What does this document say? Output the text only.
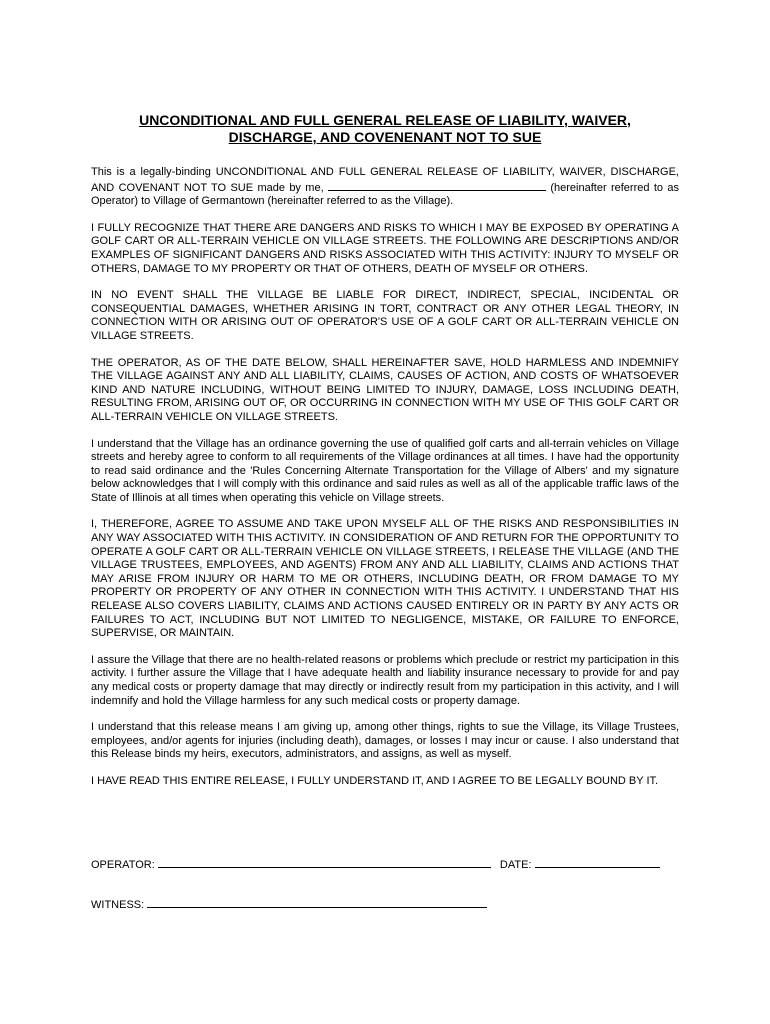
UNCONDITIONAL AND FULL GENERAL RELEASE OF LIABILITY, WAIVER,
DISCHARGE, AND COVENENANT NOT TO SUE

This is a legally-binding UNCONDITIONAL AND FULL GENERAL RELEASE OF LIABILITY, WAIVER, DISCHARGE, AND COVENANT NOT TO SUE made by me,	(hereinafter referred to as Operator) to Village of Germantown (hereinafter referred to as the Village).

I FULLY RECOGNIZE THAT THERE ARE DANGERS AND RISKS TO WHICH I MAY BE EXPOSED BY OPERATING A GOLF CART OR ALL-TERRAIN VEHICLE ON VILLAGE STREETS. THE FOLLOWING ARE DESCRIPTIONS AND/OR EXAMPLES OF SIGNIFICANT DANGERS AND RISKS ASSOCIATED WITH THIS ACTIVITY: INJURY TO MYSELF OR OTHERS, DAMAGE TO MY PROPERTY OR THAT OF OTHERS, DEATH OF MYSELF OR OTHERS.

IN NO EVENT SHALL THE VILLAGE BE LIABLE FOR DIRECT, INDIRECT, SPECIAL, INCIDENTAL OR CONSEQUENTIAL DAMAGES, WHETHER ARISING IN TORT, CONTRACT OR ANY OTHER LEGAL THEORY, IN CONNECTION WITH OR ARISING OUT OF OPERATOR'S USE OF A GOLF CART OR ALL-TERRAIN VEHICLE ON VILLAGE STREETS.

THE OPERATOR, AS OF THE DATE BELOW, SHALL HEREINAFTER SAVE, HOLD HARMLESS AND INDEMNIFY THE VILLAGE AGAINST ANY AND ALL LIABILITY, CLAIMS, CAUSES OF ACTION, AND COSTS OF WHATSOEVER KIND AND NATURE INCLUDING, WITHOUT BEING LIMITED TO INJURY, DAMAGE, LOSS INCLUDING DEATH, RESULTING FROM, ARISING OUT OF, OR OCCURRING IN CONNECTION WITH MY USE OF THIS GOLF CART OR ALL-TERRAIN VEHICLE ON VILLAGE STREETS.

I understand that the Village has an ordinance governing the use of qualified golf carts and all-terrain vehicles on Village streets and hereby agree to conform to all requirements of the Village ordinances at all times. I have had the opportunity to read said ordinance and the 'Rules Concerning Alternate Transportation for the Village of Albers' and my signature below acknowledges that I will comply with this ordinance and said rules as well as all of the applicable traffic laws of the State of Illinois at all times when operating this vehicle on Village streets.

I, THEREFORE, AGREE TO ASSUME AND TAKE UPON MYSELF ALL OF THE RISKS AND RESPONSIBILITIES IN ANY WAY ASSOCIATED WITH THIS ACTIVITY. IN CONSIDERATION OF AND RETURN FOR THE OPPORTUNITY TO OPERATE A GOLF CART OR ALL-TERRAIN VEHICLE ON VILLAGE STREETS, I RELEASE THE VILLAGE (AND THE VILLAGE TRUSTEES, EMPLOYEES, AND AGENTS) FROM ANY AND ALL LIABILITY, CLAIMS AND ACTIONS THAT MAY ARISE FROM INJURY OR HARM TO ME OR OTHERS, INCLUDING DEATH, OR FROM DAMAGE TO MY PROPERTY OR PROPERTY OF ANY OTHER IN CONNECTION WITH THIS ACTIVITY. I UNDERSTAND THAT HIS RELEASE ALSO COVERS LIABILITY, CLAIMS AND ACTIONS CAUSED ENTIRELY OR IN PARTY BY ANY ACTS OR FAILURES TO ACT, INCLUDING BUT NOT LIMITED TO NEGLIGENCE, MISTAKE, OR FAILURE TO ENFORCE, SUPERVISE, OR MAINTAIN.

I assure the Village that there are no health-related reasons or problems which preclude or restrict my participation in this activity. I further assure the Village that I have adequate health and liability insurance necessary to provide for and pay any medical costs or property damage that may directly or indirectly result from my participation in this activity, and I will indemnify and hold the Village harmless for any such medical costs or property damage.

I understand that this release means I am giving up, among other things, rights to sue the Village, its Village Trustees, employees, and/or agents for injuries (including death), damages, or losses I may incur or cause. I also understand that this Release binds my heirs, executors, administrators, and assigns, as well as myself.

I HAVE READ THIS ENTIRE RELEASE, I FULLY UNDERSTAND IT, AND I AGREE TO BE LEGALLY BOUND BY IT.

OPERATOR:	DATE:
WITNESS:
